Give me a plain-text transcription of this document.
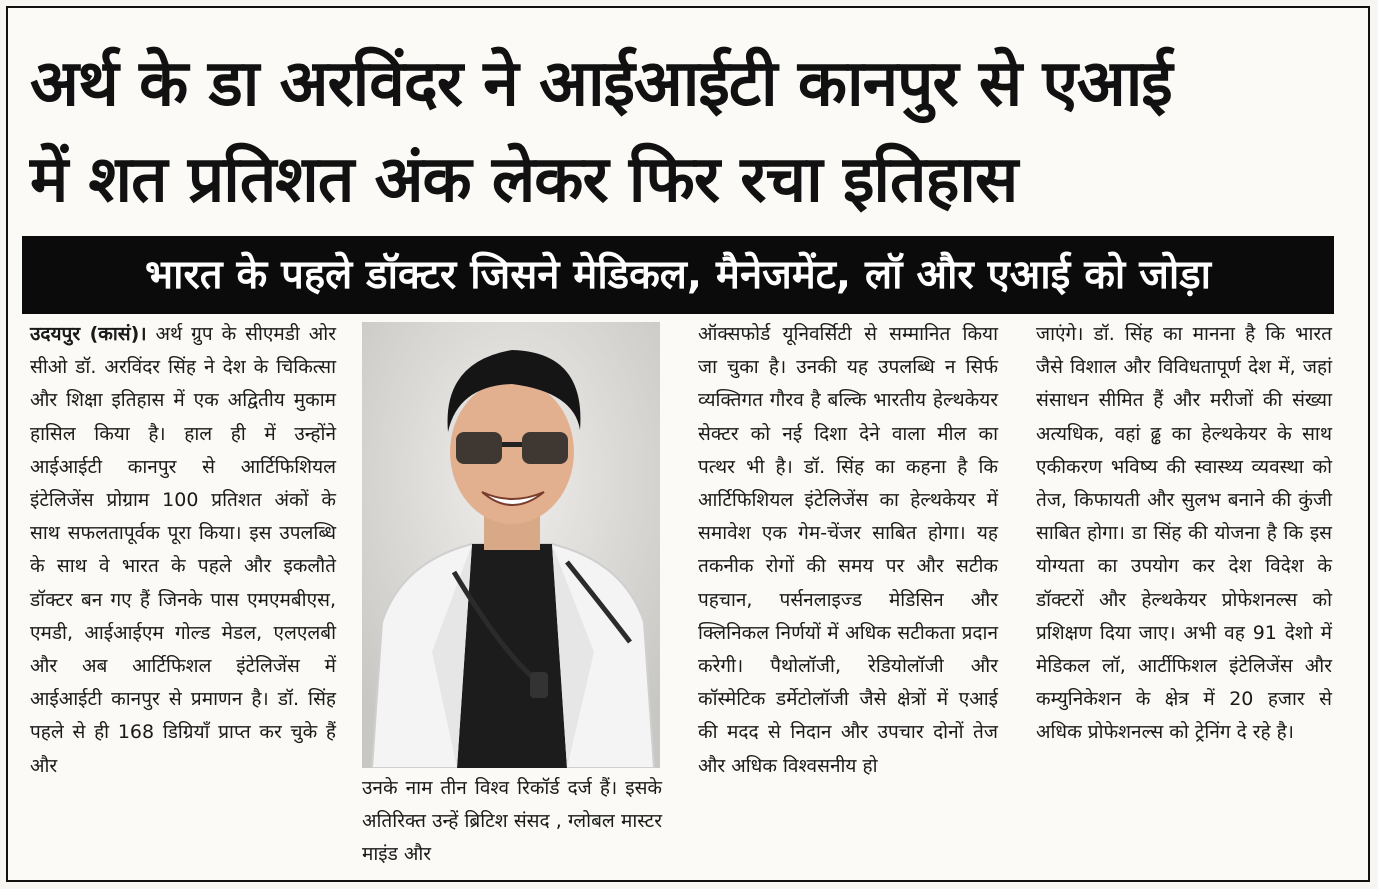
अर्थ के डा अरविंदर ने आईआईटी कानपुर से एआई
में शत प्रतिशत अंक लेकर फिर रचा इतिहास
भारत के पहले डॉक्टर जिसने मेडिकल, मैनेजमेंट, लॉ और एआई को जोड़ा
उदयपुर (कासं)। अर्थ ग्रुप के सीएमडी ओर सीओ डॉ. अरविंदर सिंह ने देश के चिकित्सा और शिक्षा इतिहास में एक अद्वितीय मुकाम हासिल किया है। हाल ही में उन्होंने आईआईटी कानपुर से आर्टिफिशियल इंटेलिजेंस प्रोग्राम 100 प्रतिशत अंकों के साथ सफलतापूर्वक पूरा किया। इस उपलब्धि के साथ वे भारत के पहले और इकलौते डॉक्टर बन गए हैं जिनके पास एमएमबीएस, एमडी, आईआईएम गोल्ड मेडल, एलएलबी और अब आर्टिफिशल इंटेलिजेंस में आईआईटी कानपुर से प्रमाणन है। डॉ. सिंह पहले से ही 168 डिग्रियाँ प्राप्त कर चुके हैं और
उनके नाम तीन विश्व रिकॉर्ड दर्ज हैं। इसके अतिरिक्त उन्हें ब्रिटिश संसद , ग्लोबल मास्टर माइंड और
ऑक्सफोर्ड यूनिवर्सिटी से सम्मानित किया जा चुका है। उनकी यह उपलब्धि न सिर्फ व्यक्तिगत गौरव है बल्कि भारतीय हेल्थकेयर सेक्टर को नई दिशा देने वाला मील का पत्थर भी है। डॉ. सिंह का कहना है कि आर्टिफिशियल इंटेलिजेंस का हेल्थकेयर में समावेश एक गेम-चेंजर साबित होगा। यह तकनीक रोगों की समय पर और सटीक पहचान, पर्सनलाइज्ड मेडिसिन और क्लिनिकल निर्णयों में अधिक सटीकता प्रदान करेगी। पैथोलॉजी, रेडियोलॉजी और कॉस्मेटिक डर्मेटोलॉजी जैसे क्षेत्रों में एआई की मदद से निदान और उपचार दोनों तेज और अधिक विश्वसनीय हो
जाएंगे। डॉ. सिंह का मानना है कि भारत जैसे विशाल और विविधतापूर्ण देश में, जहां संसाधन सीमित हैं और मरीजों की संख्या अत्यधिक, वहां ढ्ढ का हेल्थकेयर के साथ एकीकरण भविष्य की स्वास्थ्य व्यवस्था को तेज, किफायती और सुलभ बनाने की कुंजी साबित होगा। डा सिंह की योजना है कि इस योग्यता का उपयोग कर देश विदेश के डॉक्टरों और हेल्थकेयर प्रोफेशनल्स को प्रशिक्षण दिया जाए। अभी वह 91 देशो में मेडिकल लॉ, आर्टीफिशल इंटेलिजेंस और कम्युनिकेशन के क्षेत्र में 20 हजार से अधिक प्रोफेशनल्स को ट्रेनिंग दे रहे है।
